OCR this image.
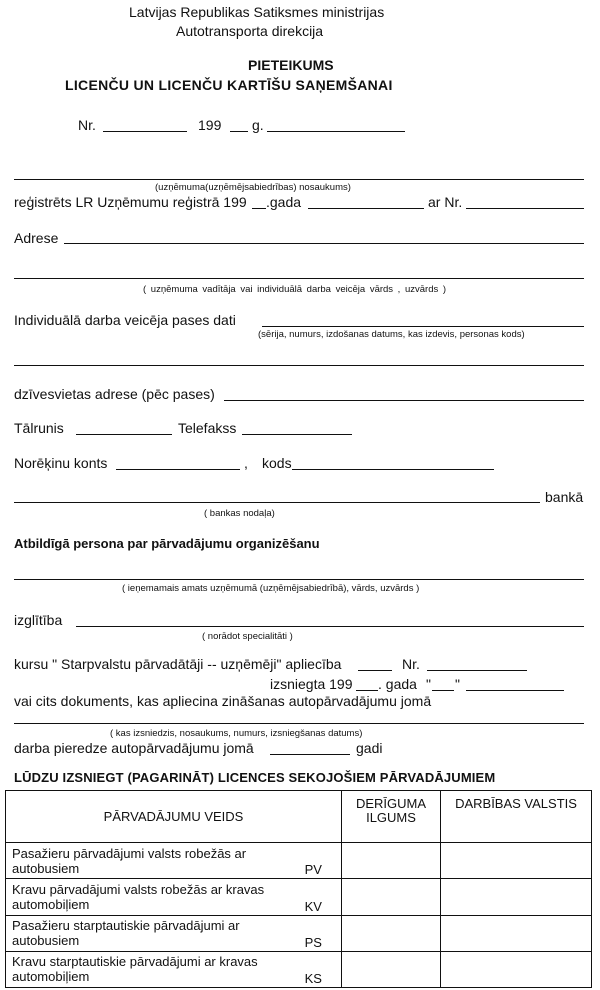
Latvijas Republikas Satiksmes ministrijas
Autotransporta direkcija
PIETEIKUMS
LICENČU UN LICENČU KARTĪŠU SAŅEMŠANAI
Nr.	199 g.
(uzņēmuma(uzņēmējsabiedrības) nosaukums)
reģistrēts LR Uzņēmumu reģistrā 199 .gada	ar Nr.
Adrese
( uzņēmuma vadītāja vai individuālā darba veicēja vārds , uzvārds )
Individuālā darba veicēja pases dati
(sērija, numurs, izdošanas datums, kas izdevis, personas kods)
dzīvesvietas adrese (pēc pases)
Tālrunis	Telefakss
Norēķinu konts	, kods
bankā
( bankas nodaļa)
Atbildīgā persona par pārvadājumu organizēšanu
( ieņemamais amats uzņēmumā (uzņēmējsabiedrībā), vārds, uzvārds )
izglītība
( norādot specialitāti )
kursu " Starpvalstu pārvadātāji -- uzņēmēji" apliecība	Nr.
izsniegta 199 . gada " "
vai cits dokuments, kas apliecina zināšanas autopārvadājumu jomā
( kas izsniedzis, nosaukums, numurs, izsniegšanas datums)
darba pieredze autopārvadājumu jomā	gadi
LŪDZU IZSNIEGT (PAGARINĀT) LICENCES SEKOJOŠIEM PĀRVADĀJUMIEM
PĀRVADĀJUMU VEIDS		DERĪGUMA ILGUMS	DARBĪBAS VALSTIS
Pasažieru pārvadājumi valsts robežās ar autobusiem	PV		
Kravu pārvadājumi valsts robežās ar kravas automobiļiem	KV		
Pasažieru starptautiskie pārvadājumi ar autobusiem	PS		
Kravu starptautiskie pārvadājumi ar kravas automobiļiem	KS		
